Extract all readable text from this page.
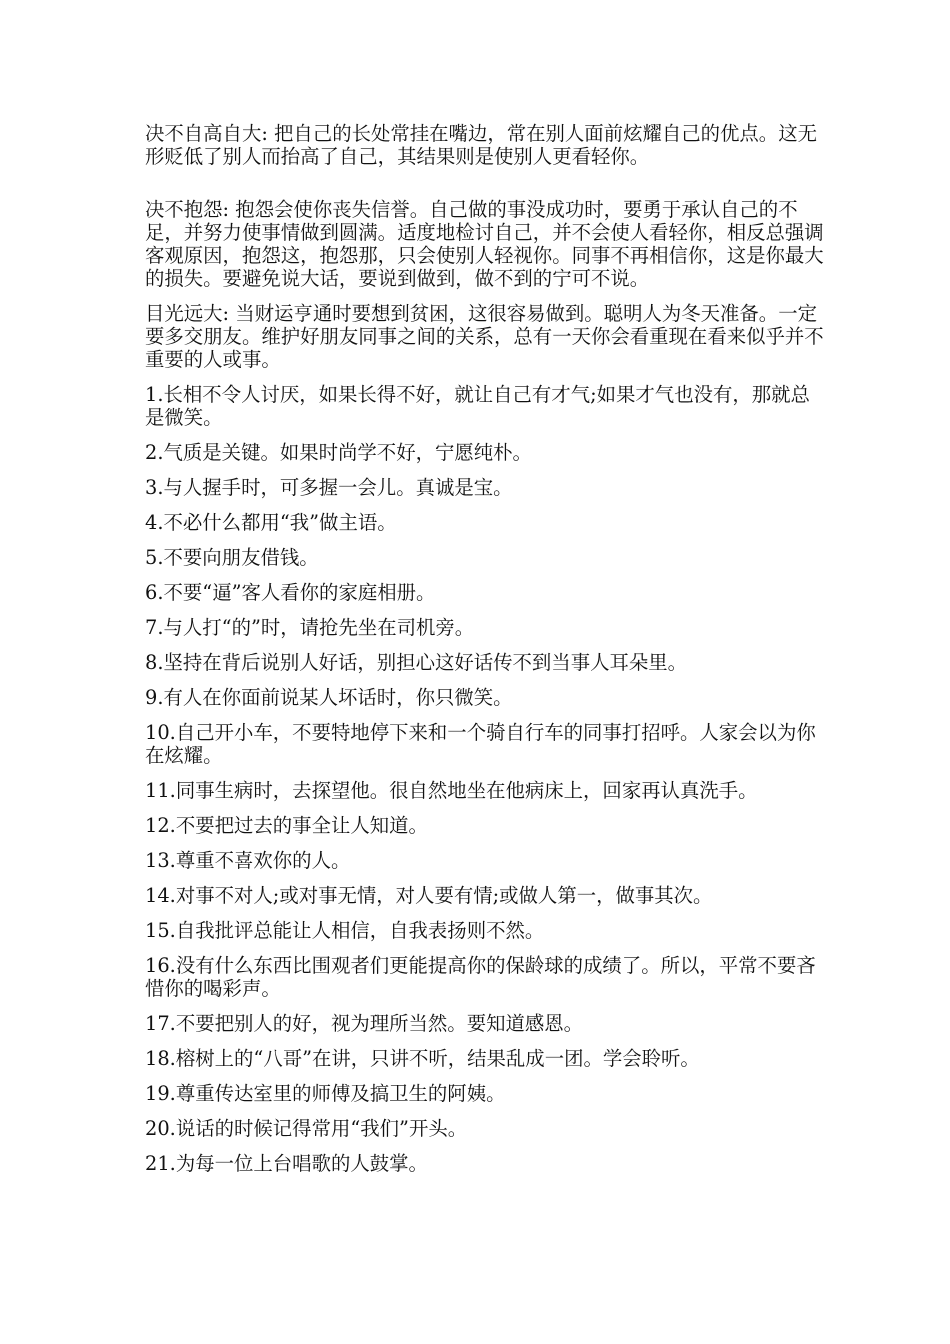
决不自高自大: 把自己的长处常挂在嘴边，常在别人面前炫耀自己的优点。这无形贬低了别人而抬高了自己，其结果则是使别人更看轻你。

决不抱怨: 抱怨会使你丧失信誉。自己做的事没成功时，要勇于承认自己的不足，并努力使事情做到圆满。适度地检讨自己，并不会使人看轻你，相反总强调客观原因，抱怨这，抱怨那，只会使别人轻视你。同事不再相信你，这是你最大的损失。要避免说大话，要说到做到，做不到的宁可不说。

目光远大: 当财运亨通时要想到贫困，这很容易做到。聪明人为冬天准备。一定要多交朋友。维护好朋友同事之间的关系，总有一天你会看重现在看来似乎并不重要的人或事。

1.长相不令人讨厌，如果长得不好，就让自己有才气;如果才气也没有，那就总是微笑。

2.气质是关键。如果时尚学不好，宁愿纯朴。

3.与人握手时，可多握一会儿。真诚是宝。

4.不必什么都用“我”做主语。

5.不要向朋友借钱。

6.不要“逼”客人看你的家庭相册。

7.与人打“的”时，请抢先坐在司机旁。

8.坚持在背后说别人好话，别担心这好话传不到当事人耳朵里。

9.有人在你面前说某人坏话时，你只微笑。

10.自己开小车，不要特地停下来和一个骑自行车的同事打招呼。人家会以为你在炫耀。

11.同事生病时，去探望他。很自然地坐在他病床上，回家再认真洗手。

12.不要把过去的事全让人知道。

13.尊重不喜欢你的人。

14.对事不对人;或对事无情，对人要有情;或做人第一，做事其次。

15.自我批评总能让人相信，自我表扬则不然。

16.没有什么东西比围观者们更能提高你的保龄球的成绩了。所以，平常不要吝惜你的喝彩声。

17.不要把别人的好，视为理所当然。要知道感恩。

18.榕树上的“八哥”在讲，只讲不听，结果乱成一团。学会聆听。

19.尊重传达室里的师傅及搞卫生的阿姨。

20.说话的时候记得常用“我们”开头。

21.为每一位上台唱歌的人鼓掌。
